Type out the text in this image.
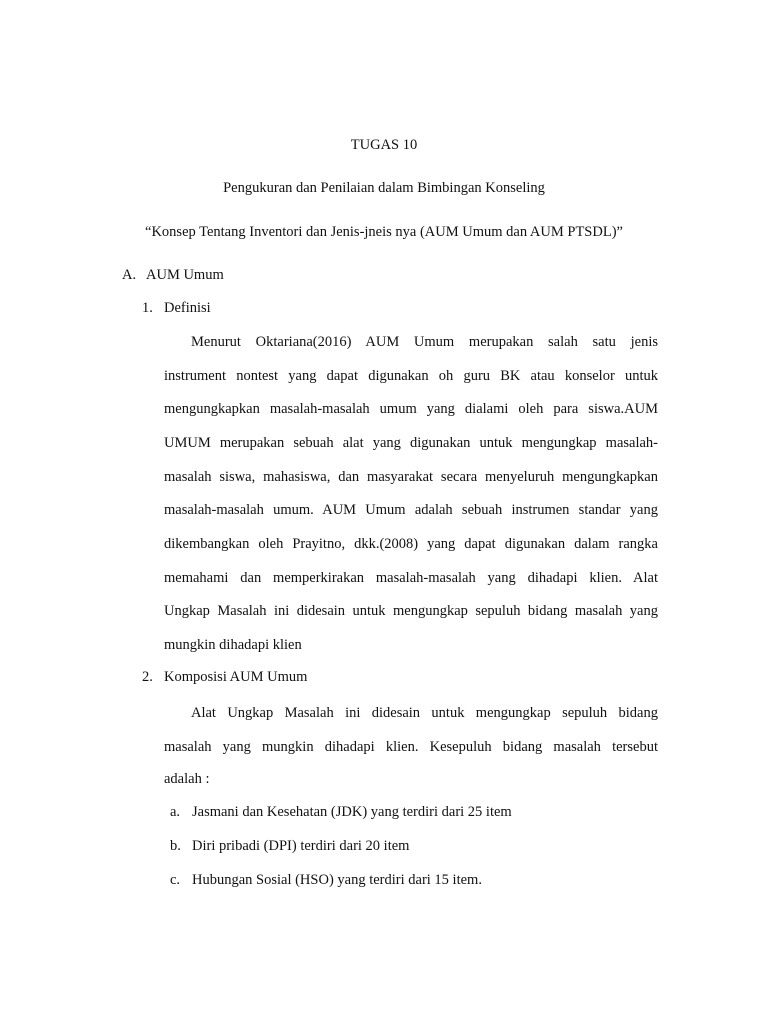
TUGAS 10
Pengukuran dan Penilaian dalam Bimbingan Konseling
“Konsep Tentang Inventori dan Jenis-jneis nya (AUM Umum dan AUM PTSDL)”
A. AUM Umum
1. Definisi
Menurut Oktariana(2016) AUM Umum merupakan salah satu jenis
instrument nontest yang dapat digunakan oh guru BK atau konselor untuk
mengungkapkan masalah-masalah umum yang dialami oleh para siswa.AUM
UMUM merupakan sebuah alat yang digunakan untuk mengungkap masalah-
masalah siswa, mahasiswa, dan masyarakat secara menyeluruh mengungkapkan
masalah-masalah umum. AUM Umum adalah sebuah instrumen standar yang
dikembangkan oleh Prayitno, dkk.(2008) yang dapat digunakan dalam rangka
memahami dan memperkirakan masalah-masalah yang dihadapi klien. Alat
Ungkap Masalah ini didesain untuk mengungkap sepuluh bidang masalah yang
mungkin dihadapi klien
2. Komposisi AUM Umum
Alat Ungkap Masalah ini didesain untuk mengungkap sepuluh bidang
masalah yang mungkin dihadapi klien. Kesepuluh bidang masalah tersebut
adalah :
a. Jasmani dan Kesehatan (JDK) yang terdiri dari 25 item
b. Diri pribadi (DPI) terdiri dari 20 item
c. Hubungan Sosial (HSO) yang terdiri dari 15 item.
